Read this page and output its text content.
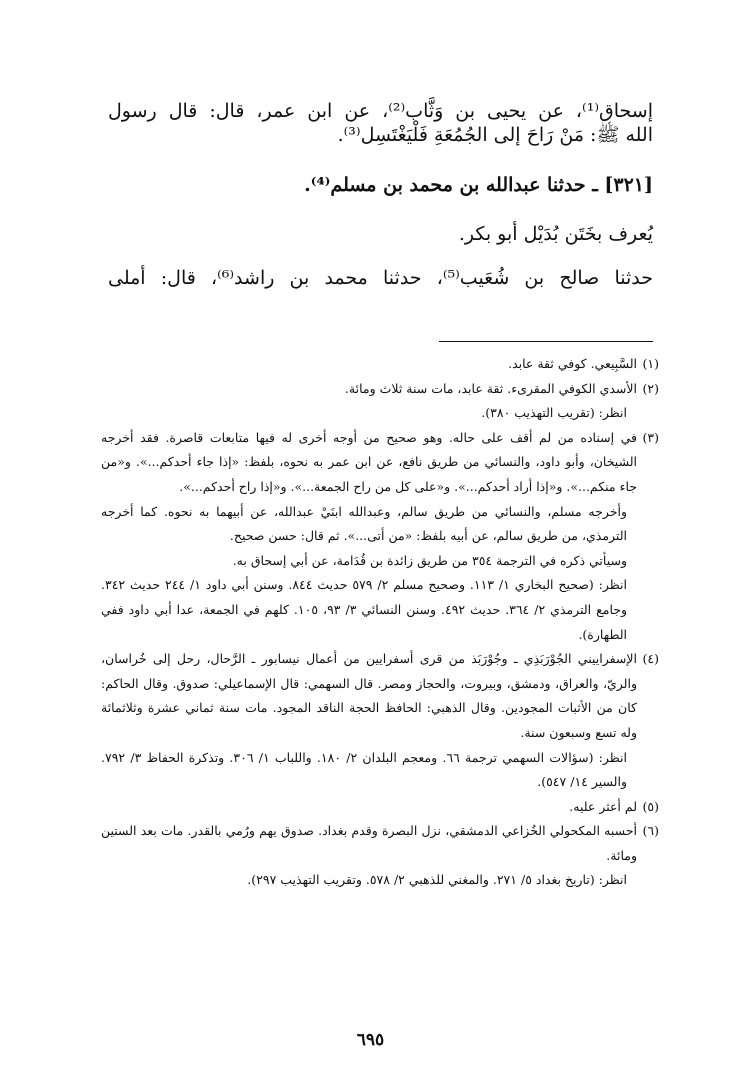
إسحاق⁽¹⁾، عن يحيى بن وَثَّاب⁽²⁾، عن ابن عمر، قال: قال رسول

الله ﷺ: مَنْ رَاحَ إلى الجُمُعَةِ فَلْيَغْتَسِل⁽³⁾.

[٣٢١] ـ حدثنا عبدالله بن محمد بن مسلم⁽⁴⁾.

يُعرف بخَتَن بُدَيْل أبو بكر.

حدثنا صالح بن شُعَيب⁽⁵⁾، حدثنا محمد بن راشد⁽⁶⁾، قال: أملى

(١)

السَّبِيعي. كوفي ثقة عابد.

(٢)

الأسدي الكوفي المقرىء. ثقة عابد، مات سنة ثلاث ومائة.

انظر: (تقريب التهذيب ٣٨٠).

(٣)

في إسناده من لم أقف على حاله. وهو صحيح من أوجه أخرى له فيها متابعات قاصرة. فقد أخرجه الشيخان، وأبو داود، والنسائي من طريق نافع، عن ابن عمر به نحوه، بلفظ: «إذا جاء أحدكم...». و«من جاء منكم...». و«إذا أراد أحدكم...». و«على كل من راح الجمعة...». و«إذا راح أحدكم...».

وأخرجه مسلم، والنسائي من طريق سالم، وعبدالله ابنَيْ عبدالله، عن أبيهما به نحوه. كما أخرجه الترمذي، من طريق سالم، عن أبيه بلفظ: «من أتى...». ثم قال: حسن صحيح.

وسيأتي ذكره في الترجمة ٣٥٤ من طريق زائدة بن قُدَامة، عن أبي إسحاق به.

انظر: (صحيح البخاري ١/ ١١٣. وصحيح مسلم ٢/ ٥٧٩ حديث ٨٤٤. وسنن أبي داود ١/ ٢٤٤ حديث ٣٤٢. وجامع الترمذي ٢/ ٣٦٤. حديث ٤٩٢. وسنن النسائي ٣/ ٩٣، ١٠٥. كلهم في الجمعة، عدا أبي داود ففي الطهارة).

(٤)

الإسفراييني الجُوْرَبَذِي ـ وجُوْرَبَذ من قرى أسفرايين من أعمال نيسابور ـ الرَّحال، رحل إلى خُراسان، والريّ، والعراق، ودمشق، وبيروت، والحجاز ومصر. قال السهمي: قال الإسماعيلي: صدوق. وقال الحاكم: كان من الأثبات المجودين. وقال الذهبي: الحافظ الحجة الناقد المجود. مات سنة ثماني عشرة وثلاثمائة وله تسع وسبعون سنة.

انظر: (سؤالات السهمي ترجمة ٦٦. ومعجم البلدان ٢/ ١٨٠. واللباب ١/ ٣٠٦. وتذكرة الحفاظ ٣/ ٧٩٢. والسير ١٤/ ٥٤٧).

(٥)

لم أعثر عليه.

(٦)

أحسبه المكحولي الخُزاعي الدمشقي، نزل البصرة وقدم بغداد. صدوق يهم ورُمي بالقدر. مات بعد الستين ومائة.

انظر: (تاريخ بغداد ٥/ ٢٧١. والمغني للذهبي ٢/ ٥٧٨. وتقريب التهذيب ٢٩٧).

٦٩٥
